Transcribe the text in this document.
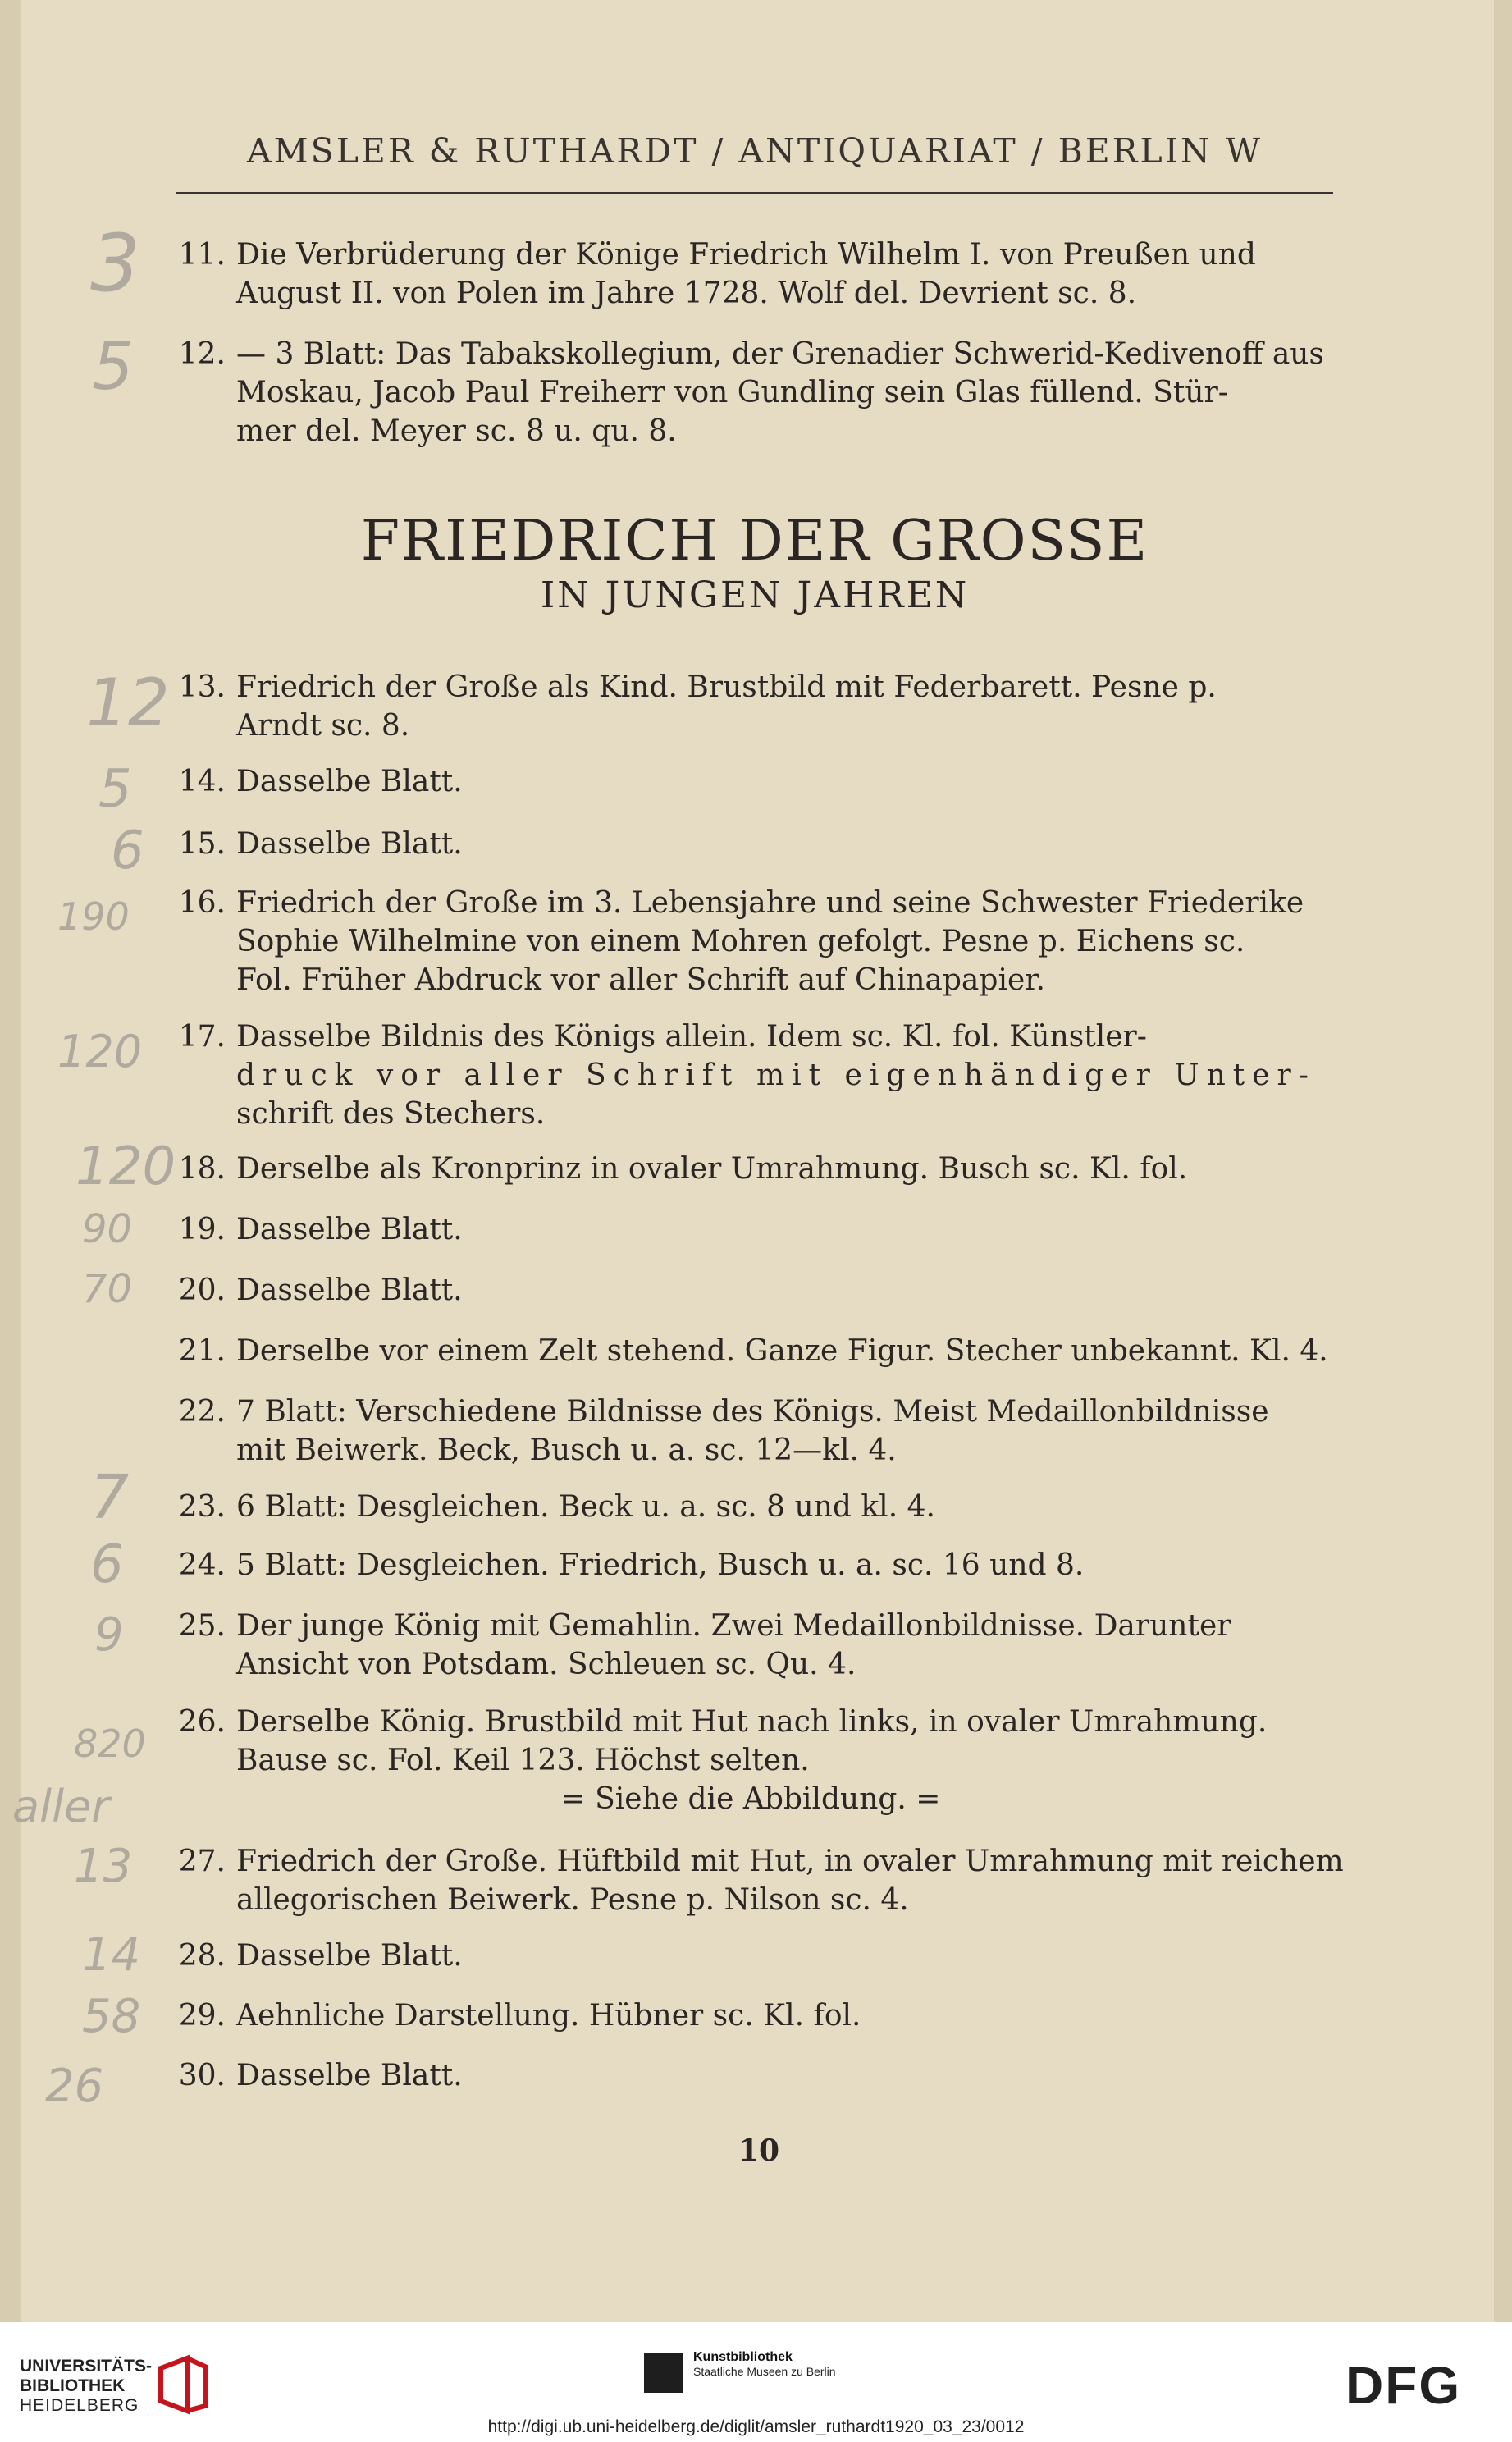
AMSLER & RUTHARDT / ANTIQUARIAT / BERLIN W
11. Die Verbrüderung der Könige Friedrich Wilhelm I. von Preußen und
August II. von Polen im Jahre 1728. Wolf del. Devrient sc. 8.
12. — 3 Blatt: Das Tabakskollegium, der Grenadier Schwerid-Kedivenoff aus
Moskau, Jacob Paul Freiherr von Gundling sein Glas füllend. Stür-
mer del. Meyer sc. 8 u. qu. 8.
FRIEDRICH DER GROSSE
IN JUNGEN JAHREN
13. Friedrich der Große als Kind. Brustbild mit Federbarett. Pesne p.
Arndt sc. 8.
14. Dasselbe Blatt.
15. Dasselbe Blatt.
16. Friedrich der Große im 3. Lebensjahre und seine Schwester Friederike
Sophie Wilhelmine von einem Mohren gefolgt. Pesne p. Eichens sc.
Fol. Früher Abdruck vor aller Schrift auf Chinapapier.
17. Dasselbe Bildnis des Königs allein. Idem sc. Kl. fol. Künstler-
druck vor aller Schrift mit eigenhändiger Unter-
schrift des Stechers.
18. Derselbe als Kronprinz in ovaler Umrahmung. Busch sc. Kl. fol.
19. Dasselbe Blatt.
20. Dasselbe Blatt.
21. Derselbe vor einem Zelt stehend. Ganze Figur. Stecher unbekannt. Kl. 4.
22. 7 Blatt: Verschiedene Bildnisse des Königs. Meist Medaillonbildnisse
mit Beiwerk. Beck, Busch u. a. sc. 12—kl. 4.
23. 6 Blatt: Desgleichen. Beck u. a. sc. 8 und kl. 4.
24. 5 Blatt: Desgleichen. Friedrich, Busch u. a. sc. 16 und 8.
25. Der junge König mit Gemahlin. Zwei Medaillonbildnisse. Darunter
Ansicht von Potsdam. Schleuen sc. Qu. 4.
26. Derselbe König. Brustbild mit Hut nach links, in ovaler Umrahmung.
Bause sc. Fol. Keil 123. Höchst selten.
= Siehe die Abbildung. =
27. Friedrich der Große. Hüftbild mit Hut, in ovaler Umrahmung mit reichem
allegorischen Beiwerk. Pesne p. Nilson sc. 4.
28. Dasselbe Blatt.
29. Aehnliche Darstellung. Hübner sc. Kl. fol.
30. Dasselbe Blatt.
10
3
5
12
5
6
190
120
120
90
70
7
6
9
820
aller
13
14
58
26
UNIVERSITÄTS-
BIBLIOTHEK
HEIDELBERG
Kunstbibliothek
Staatliche Museen zu Berlin	DFG
http://digi.ub.uni-heidelberg.de/diglit/amsler_ruthardt1920_03_23/0012
